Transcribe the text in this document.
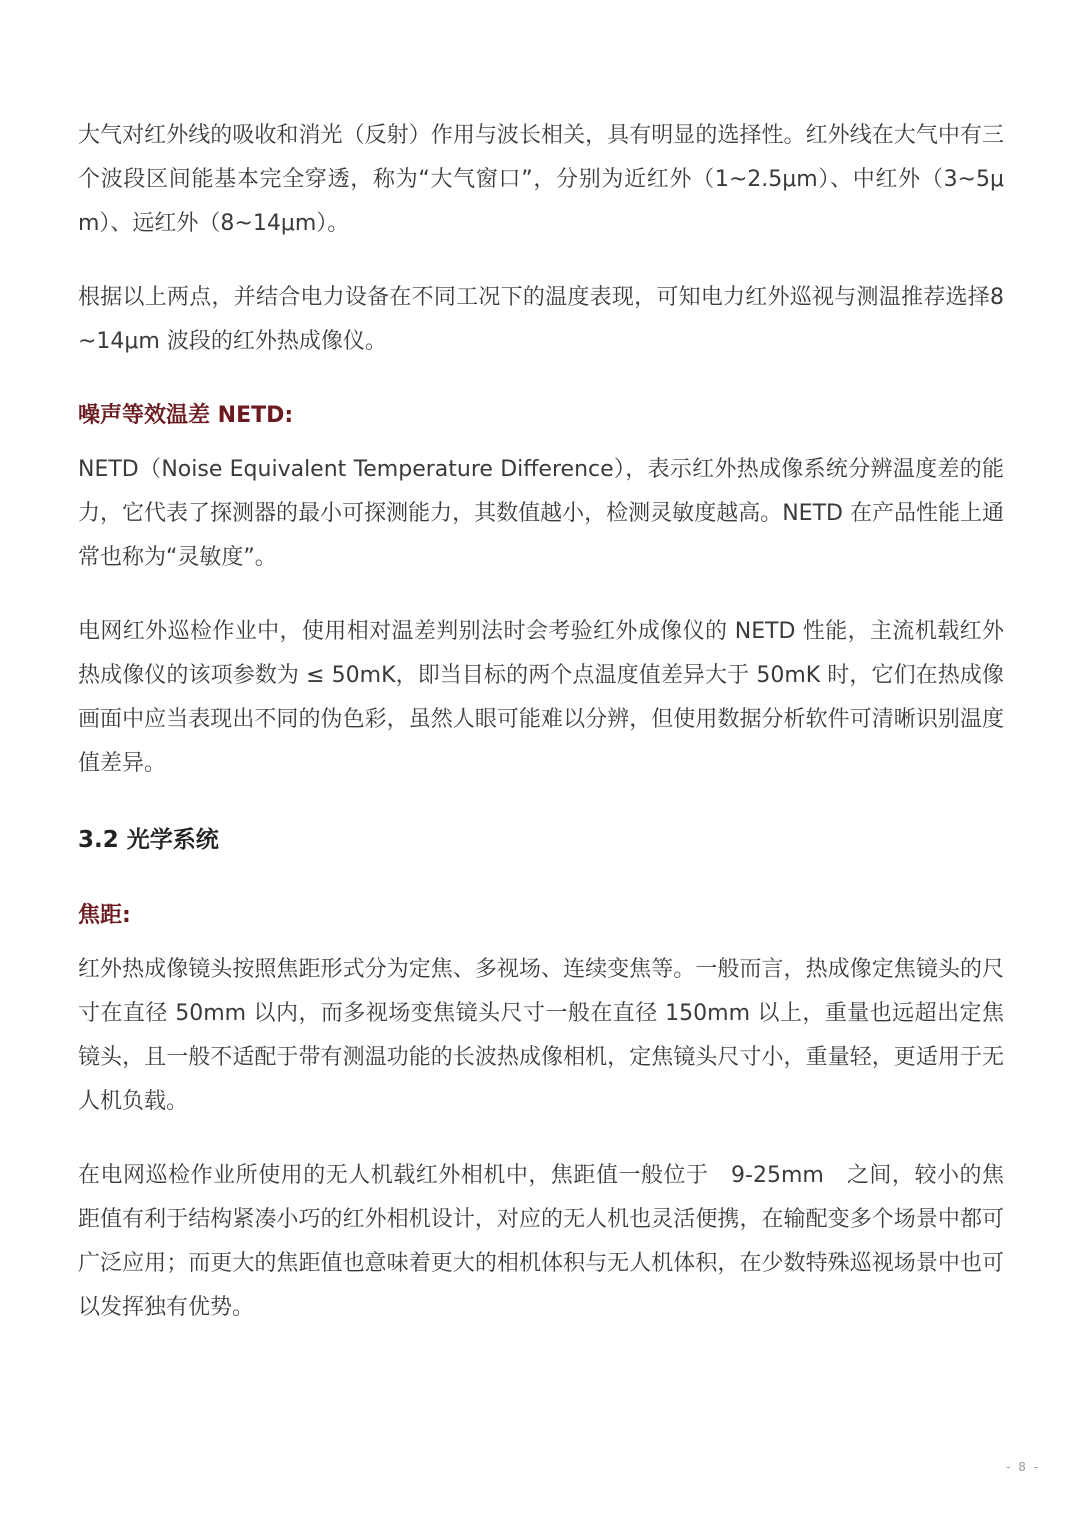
大气对红外线的吸收和消光（反射）作用与波长相关，具有明显的选择性。红外线在大气中有三个波段区间能基本完全穿透，称为“大气窗口”，分别为近红外（1~2.5μm）、中红外（3~5μm）、远红外（8~14μm）。

根据以上两点，并结合电力设备在不同工况下的温度表现，可知电力红外巡视与测温推荐选择8~14μm 波段的红外热成像仪。

噪声等效温差 NETD:

NETD（Noise Equivalent Temperature Difference），表示红外热成像系统分辨温度差的能力，它代表了探测器的最小可探测能力，其数值越小，检测灵敏度越高。NETD 在产品性能上通常也称为“灵敏度”。

电网红外巡检作业中，使用相对温差判别法时会考验红外成像仪的 NETD 性能，主流机载红外热成像仪的该项参数为 ≤ 50mK，即当目标的两个点温度值差异大于 50mK 时，它们在热成像画面中应当表现出不同的伪色彩，虽然人眼可能难以分辨，但使用数据分析软件可清晰识别温度值差异。

3.2 光学系统
焦距:

红外热成像镜头按照焦距形式分为定焦、多视场、连续变焦等。一般而言，热成像定焦镜头的尺寸在直径 50mm 以内，而多视场变焦镜头尺寸一般在直径 150mm 以上，重量也远超出定焦镜头，且一般不适配于带有测温功能的长波热成像相机，定焦镜头尺寸小，重量轻，更适用于无人机负载。

在电网巡检作业所使用的无人机载红外相机中，焦距值一般位于　9-25mm　之间，较小的焦距值有利于结构紧凑小巧的红外相机设计，对应的无人机也灵活便携，在输配变多个场景中都可广泛应用；而更大的焦距值也意味着更大的相机体积与无人机体积，在少数特殊巡视场景中也可以发挥独有优势。

- 8 -
